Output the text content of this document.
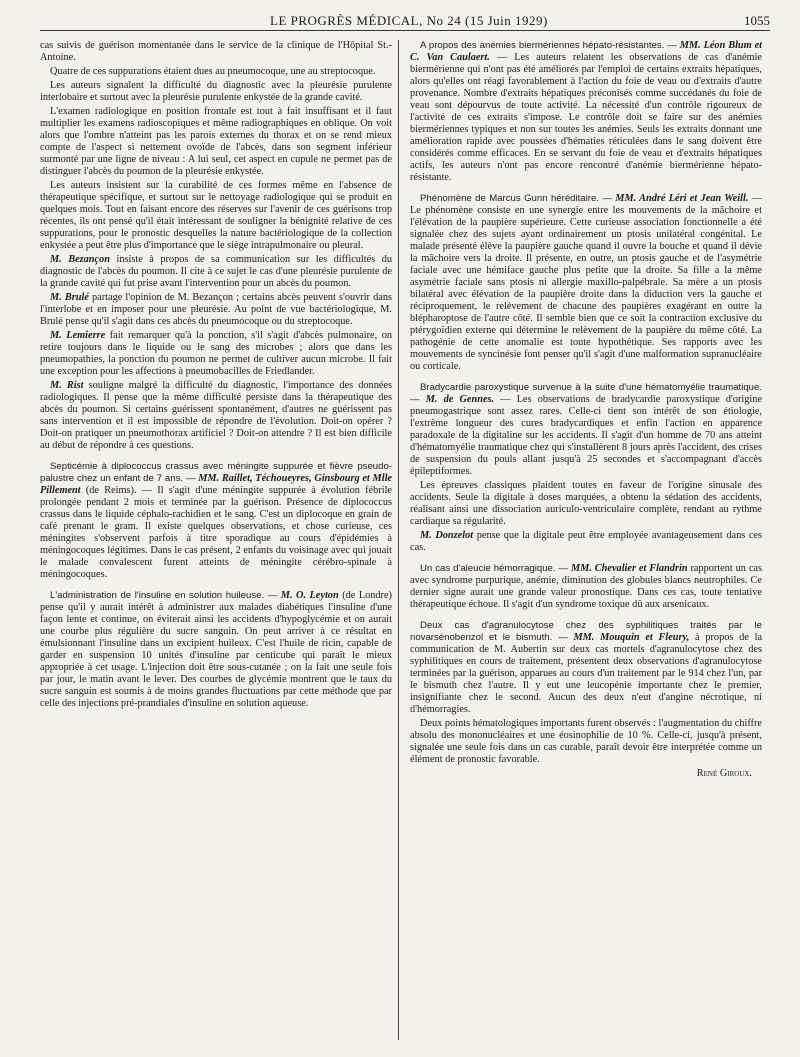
LE PROGRÈS MÉDICAL, No 24 (15 Juin 1929)	1055

cas suivis de guérison momentanée dans le service de la clinique de l'Hôpital St.-Antoine.

Quatre de ces suppurations étaient dues au pneumocoque, une au streptocoque.

Les auteurs signalent la difficulté du diagnostic avec la pleurésie purulente interlobaire et surtout avec la pleurésie purulente enkystée de la grande cavité.

L'examen radiologique en position frontale est tout à fait insuffisant et il faut multiplier les examens radioscopiques et même radiographiques en oblique. On voit alors que l'ombre n'atteint pas les parois externes du thorax et on se rend mieux compte de l'aspect si nettement ovoïde de l'abcès, dans son segment inférieur surmonté par une ligne de niveau : A lui seul, cet aspect en cupule ne permet pas de distinguer l'abcès du poumon de la pleurésie enkystée.

Les auteurs insistent sur la curabilité de ces formes même en l'absence de thérapeutique spécifique, et surtout sur le nettoyage radiologique qui se produit en quelques mois. Tout en faisant encore des réserves sur l'avenir de ces guérisons trop récentes, ils ont pensé qu'il était intéressant de souligner la bénignité relative de ces suppurations, pour le pronostic desquelles la nature bactériologique de la collection enkystée a peut être plus d'importance que le siège intrapulmonaire ou pleural.

M. Bezançon insiste à propos de sa communication sur les difficultés du diagnostic de l'abcès du poumon. Il cite à ce sujet le cas d'une pleurésie purulente de la grande cavité qui fut prise avant l'intervention pour un abcès du poumon.

M. Brulé partage l'opinion de M. Bezançon ; certains abcès peuvent s'ouvrir dans l'interlobe et en imposer pour une pleurésie. Au point de vue bactériologique, M. Brulé pense qu'il s'agit dans ces abcès du pneumocoque ou du streptocoque.

M. Lemierre fait remarquer qu'à la ponction, s'il s'agit d'abcès pulmonaire, on retire toujours dans le liquide ou le sang des microbes ; alors que dans les pneumopathies, la ponction du poumon ne permet de cultiver aucun microbe. Il fait une exception pour les affections à pneumobacilles de Friedlander.

M. Rist souligne malgré la difficulté du diagnostic, l'importance des données radiologiques. Il pense que la même difficulté persiste dans la thérapeutique des abcès du poumon. Si certains guérissent spontanément, d'autres ne guérissent pas sans intervention et il est impossible de répondre de l'évolution. Doit-on opérer ? Doit-on pratiquer un pneumothorax artificiel ? Doit-on attendre ? Il est bien difficile au début de répondre à ces questions.

Septicémie à diplococcus crassus avec méningite suppurée et fièvre pseudo-palustre chez un enfant de 7 ans. — MM. Raillet, Téchoueyres, Ginsbourg et Mlle Pillement (de Reims). — Il s'agit d'une méningite suppurée à évolution fébrile prolongée pendant 2 mois et terminée par la guérison. Présence de diplococcus crassus dans le liquide céphalo-rachidien et le sang. C'est un diplocoque en grain de café prenant le gram. Il existe quelques observations, et chose curieuse, ces méningites s'observent parfois à titre sporadique au cours d'épidémies à méningocoques légitimes. Dans le cas présent, 2 enfants du voisinage avec qui jouait le malade convalescent furent atteints de méningite cérébro-spinale à méningocoques.

L'administration de l'insuline en solution huileuse. — M. O. Leyton (de Londre) pense qu'il y aurait intérêt à administrer aux malades diabétiques l'insuline d'une façon lente et continue, on éviterait ainsi les accidents d'hypoglycémie et on aurait une courbe plus régulière du sucre sanguin. On peut arriver à ce résultat en émulsionnant l'insuline dans un excipient huileux. C'est l'huile de ricin, capable de garder en suspension 10 unités d'insuline par centicube qui paraît le mieux appropriée à cet usage. L'injection doit être sous-cutanée ; on la fait une seule fois par jour, le matin avant le lever. Des courbes de glycémie montrent que le taux du sucre sanguin est soumis à de moins grandes fluctuations par cette méthode que par celle des injections pré-prandiales d'insuline en solution aqueuse.

A propos des anémies biermériennes hépato-résistantes. — MM. Léon Blum et C. Van Caulaert. — Les auteurs relatent les observations de cas d'anémie biermérienne qui n'ont pas été améliorés par l'emploi de certains extraits hépatiques, alors qu'elles ont réagi favorablement à l'action du foie de veau ou d'extraits d'autre provenance. Nombre d'extraits hépatiques préconisés comme succédanés du foie de veau sont dépourvus de toute activité. La nécessité d'un contrôle rigoureux de l'activité de ces extraits s'impose. Le contrôle doit se faire sur des anémies biermériennes typiques et non sur toutes les anémies. Seuls les extraits donnant une amélioration rapide avec poussées d'hématies réticulées dans le sang doivent être considérés comme efficaces. En se servant du foie de veau et d'extraits hépatiques actifs, les auteurs n'ont pas encore rencontré d'anémie biermérienne hépato-résistante.

Phénomène de Marcus Gunn héréditaire. — MM. André Léri et Jean Weill. — Le phénomène consiste en une synergie entre les mouvements de la mâchoire et l'élévation de la paupière supérieure. Cette curieuse association fonctionnelle a été signalée chez des sujets ayant ordinairement un ptosis unilatéral congénital. Le malade présenté élève la paupière gauche quand il ouvre la bouche et quand il dévie la mâchoire vers la droite. Il présente, en outre, un ptosis gauche et de l'asymétrie faciale avec une hémiface gauche plus petite que la droite. Sa fille a la même asymétrie faciale sans ptosis ni allergie maxillo-palpébrale. Sa mère a un ptosis bilatéral avec élévation de la paupière droite dans la diduction vers la gauche et réciproquement, le relèvement de chacune des paupières exagérant en outre la blépharoptose de l'autre côté. Il semble bien que ce soit la contraction exclusive du ptérygoïdien externe qui détermine le relèvement de la paupière du même côté. La pathogénie de cette anomalie est toute hypothétique. Ses rapports avec les mouvements de syncinésie font penser qu'il s'agit d'une malformation supranucléaire ou corticale.

Bradycardie paroxystique survenue à la suite d'une hématomyélie traumatique. — M. de Gennes. — Les observations de bradycardie paroxystique d'origine pneumogastrique sont assez rares. Celle-ci tient son intérêt de son étiologie, l'extrême longueur des cures bradycardiques et enfin l'action en apparence paradoxale de la digitaline sur les accidents. Il s'agit d'un homme de 70 ans atteint d'hématomyélie traumatique chez qui s'installèrent 8 jours après l'accident, des crises de suspension du pouls allant jusqu'à 25 secondes et s'accompagnant d'accès épileptiformes.

Les épreuves classiques plaident toutes en faveur de l'origine sinusale des accidents. Seule la digitale à doses marquées, a obtenu la sédation des accidents, réalisant ainsi une dissociation auriculo-ventriculaire complète, rendant au rythme cardiaque sa régularité.

M. Donzelot pense que la digitale peut être employée avantageusement dans ces cas.

Un cas d'aleucie hémorragique. — MM. Chevalier et Flandrin rapportent un cas avec syndrome purpurique, anémie, diminution des globules blancs neutrophiles. Ce dernier signe aurait une grande valeur pronostique. Dans ces cas, toute tentative thérapeutique échoue. Il s'agit d'un syndrome toxique dû aux arsenicaux.

Deux cas d'agranulocytose chez des syphilitiques traités par le novarsénobenzol et le bismuth. — MM. Mouquin et Fleury, à propos de la communication de M. Aubertin sur deux cas mortels d'agranulocytose chez des syphilitiques en cours de traitement, présentent deux observations d'agranulocytose terminées par la guérison, apparues au cours d'un traitement par le 914 chez l'un, par le bismuth chez l'autre. Il y eut une leucopénie importante chez le premier, insignifiante chez le second. Aucun des deux n'eut d'angine nécrotique, ni d'hémorragies.

Deux points hématologiques importants furent observés : l'augmentation du chiffre absolu des mononucléaires et une éosinophilie de 10 %. Celle-ci, jusqu'à présent, signalée une seule fois dans un cas curable, paraît devoir être interprétée comme un élément de pronostic favorable.

René Giroux.
